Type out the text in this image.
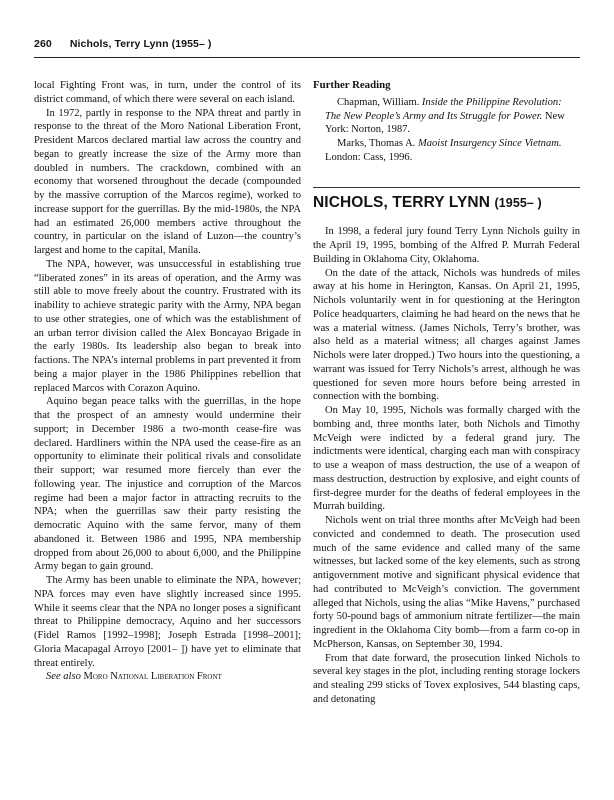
260 Nichols, Terry Lynn (1955– )

local Fighting Front was, in turn, under the control of its district command, of which there were several on each island.

In 1972, partly in response to the NPA threat and partly in response to the threat of the Moro National Liberation Front, President Marcos declared martial law across the country and began to greatly increase the size of the Army more than doubled in numbers. The crackdown, combined with an economy that worsened throughout the decade (compounded by the massive corruption of the Marcos regime), worked to increase support for the guerrillas. By the mid-1980s, the NPA had an estimated 26,000 members active throughout the country, in particular on the island of Luzon—the country’s largest and home to the capital, Manila.

The NPA, however, was unsuccessful in establishing true “liberated zones” in its areas of operation, and the Army was still able to move freely about the country. Frustrated with its inability to achieve strategic parity with the Army, NPA began to use other strategies, one of which was the establishment of an urban terror division called the Alex Boncayao Brigade in the early 1980s. Its leadership also began to break into factions. The NPA’s internal problems in part prevented it from being a major player in the 1986 Philippines rebellion that replaced Marcos with Corazon Aquino.

Aquino began peace talks with the guerrillas, in the hope that the prospect of an amnesty would undermine their support; in December 1986 a two-month cease-fire was declared. Hardliners within the NPA used the cease-fire as an opportunity to eliminate their political rivals and consolidate their support; war resumed more fiercely than ever the following year. The injustice and corruption of the Marcos regime had been a major factor in attracting recruits to the NPA; when the guerrillas saw their party resisting the democratic Aquino with the same fervor, many of them abandoned it. Between 1986 and 1995, NPA membership dropped from about 26,000 to about 6,000, and the Philippine Army began to gain ground.

The Army has been unable to eliminate the NPA, however; NPA forces may even have slightly increased since 1995. While it seems clear that the NPA no longer poses a significant threat to Philippine democracy, Aquino and her successors (Fidel Ramos [1992–1998]; Joseph Estrada [1998–2001]; Gloria Macapagal Arroyo [2001– ]) have yet to eliminate that threat entirely.

See also Moro National Liberation Front

Further Reading

Chapman, William. Inside the Philippine Revolution: The New People’s Army and Its Struggle for Power. New York: Norton, 1987.

Marks, Thomas A. Maoist Insurgency Since Vietnam. London: Cass, 1996.

NICHOLS, TERRY LYNN (1955– )

In 1998, a federal jury found Terry Lynn Nichols guilty in the April 19, 1995, bombing of the Alfred P. Murrah Federal Building in Oklahoma City, Oklahoma.

On the date of the attack, Nichols was hundreds of miles away at his home in Herington, Kansas. On April 21, 1995, Nichols voluntarily went in for questioning at the Herington Police headquarters, claiming he had heard on the news that he was a material witness. (James Nichols, Terry’s brother, was also held as a material witness; all charges against James Nichols were later dropped.) Two hours into the questioning, a warrant was issued for Terry Nichols’s arrest, although he was questioned for seven more hours before being arrested in connection with the bombing.

On May 10, 1995, Nichols was formally charged with the bombing and, three months later, both Nichols and Timothy McVeigh were indicted by a federal grand jury. The indictments were identical, charging each man with conspiracy to use a weapon of mass destruction, the use of a weapon of mass destruction, destruction by explosive, and eight counts of first-degree murder for the deaths of federal employees in the Murrah building.

Nichols went on trial three months after McVeigh had been convicted and condemned to death. The prosecution used much of the same evidence and called many of the same witnesses, but lacked some of the key elements, such as strong antigovernment motive and significant physical evidence that had contributed to McVeigh’s conviction. The government alleged that Nichols, using the alias “Mike Havens,” purchased forty 50-pound bags of ammonium nitrate fertilizer—the main ingredient in the Oklahoma City bomb—from a farm co-op in McPherson, Kansas, on September 30, 1994.

From that date forward, the prosecution linked Nichols to several key stages in the plot, including renting storage lockers and stealing 299 sticks of Tovex explosives, 544 blasting caps, and detonating
